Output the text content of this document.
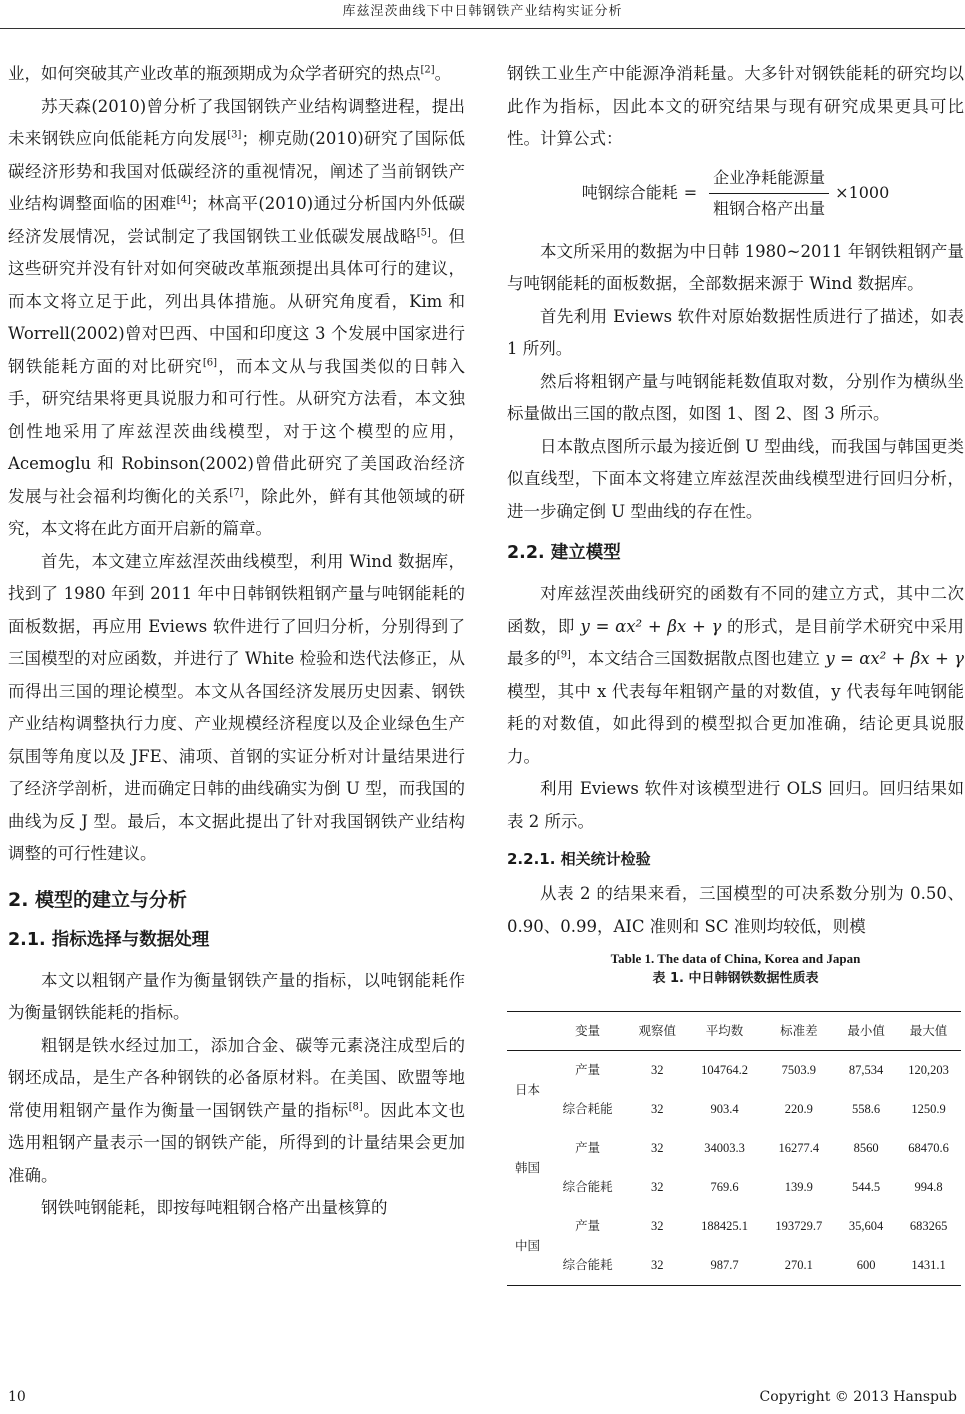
库兹涅茨曲线下中日韩钢铁产业结构实证分析

业，如何突破其产业改革的瓶颈期成为众学者研究的热点[2]。

苏天森(2010)曾分析了我国钢铁产业结构调整进程，提出未来钢铁应向低能耗方向发展[3]；柳克勋(2010)研究了国际低碳经济形势和我国对低碳经济的重视情况，阐述了当前钢铁产业结构调整面临的困难[4]；林高平(2010)通过分析国内外低碳经济发展情况，尝试制定了我国钢铁工业低碳发展战略[5]。但这些研究并没有针对如何突破改革瓶颈提出具体可行的建议，而本文将立足于此，列出具体措施。从研究角度看，Kim 和 Worrell(2002)曾对巴西、中国和印度这 3 个发展中国家进行钢铁能耗方面的对比研究[6]，而本文从与我国类似的日韩入手，研究结果将更具说服力和可行性。从研究方法看，本文独创性地采用了库兹涅茨曲线模型，对于这个模型的应用，Acemoglu 和 Robinson(2002)曾借此研究了美国政治经济发展与社会福利均衡化的关系[7]，除此外，鲜有其他领域的研究，本文将在此方面开启新的篇章。

首先，本文建立库兹涅茨曲线模型，利用 Wind 数据库，找到了 1980 年到 2011 年中日韩钢铁粗钢产量与吨钢能耗的面板数据，再应用 Eviews 软件进行了回归分析，分别得到了三国模型的对应函数，并进行了 White 检验和迭代法修正，从而得出三国的理论模型。本文从各国经济发展历史因素、钢铁产业结构调整执行力度、产业规模经济程度以及企业绿色生产氛围等角度以及 JFE、浦项、首钢的实证分析对计量结果进行了经济学剖析，进而确定日韩的曲线确实为倒 U 型，而我国的曲线为反 J 型。最后，本文据此提出了针对我国钢铁产业结构调整的可行性建议。

2. 模型的建立与分析
2.1. 指标选择与数据处理

本文以粗钢产量作为衡量钢铁产量的指标，以吨钢能耗作为衡量钢铁能耗的指标。

粗钢是铁水经过加工，添加合金、碳等元素浇注成型后的钢坯成品，是生产各种钢铁的必备原材料。在美国、欧盟等地常使用粗钢产量作为衡量一国钢铁产量的指标[8]。因此本文也选用粗钢产量表示一国的钢铁产能，所得到的计量结果会更加准确。

钢铁吨钢能耗，即按每吨粗钢合格产出量核算的

钢铁工业生产中能源净消耗量。大多针对钢铁能耗的研究均以此作为指标，因此本文的研究结果与现有研究成果更具可比性。计算公式：

吨钢综合能耗 = $\frac{\text{企业净耗能源量}}{\text{粗钢合格产出量}} \times 1000$

本文所采用的数据为中日韩 1980~2011 年钢铁粗钢产量与吨钢能耗的面板数据，全部数据来源于 Wind 数据库。

首先利用 Eviews 软件对原始数据性质进行了描述，如表 1 所列。

然后将粗钢产量与吨钢能耗数值取对数，分别作为横纵坐标量做出三国的散点图，如图 1、图 2、图 3 所示。

日本散点图所示最为接近倒 U 型曲线，而我国与韩国更类似直线型，下面本文将建立库兹涅茨曲线模型进行回归分析，进一步确定倒 U 型曲线的存在性。

2.2. 建立模型

对库兹涅茨曲线研究的函数有不同的建立方式，其中二次函数，即 y = αx² + βx + γ 的形式，是目前学术研究中采用最多的[9]，本文结合三国数据散点图也建立 y = αx² + βx + γ 模型，其中 x 代表每年粗钢产量的对数值，y 代表每年吨钢能耗的对数值，如此得到的模型拟合更加准确，结论更具说服力。

利用 Eviews 软件对该模型进行 OLS 回归。回归结果如表 2 所示。

2.2.1. 相关统计检验

从表 2 的结果来看，三国模型的可决系数分别为 0.50、0.90、0.99，AIC 准则和 SC 准则均较低，则模

Table 1. The data of China, Korea and Japan
表 1. 中日韩钢铁数据性质表
	变量	观察值	平均数	标准差	最小值	最大值
日本	产量	32	104764.2	7503.9	87,534	120,203
	综合耗能	32	903.4	220.9	558.6	1250.9
韩国	产量	32	34003.3	16277.4	8560	68470.6
	综合能耗	32	769.6	139.9	544.5	994.8
中国	产量	32	188425.1	193729.7	35,604	683265
	综合能耗	32	987.7	270.1	600	1431.1
10	Copyright © 2013 Hanspub
